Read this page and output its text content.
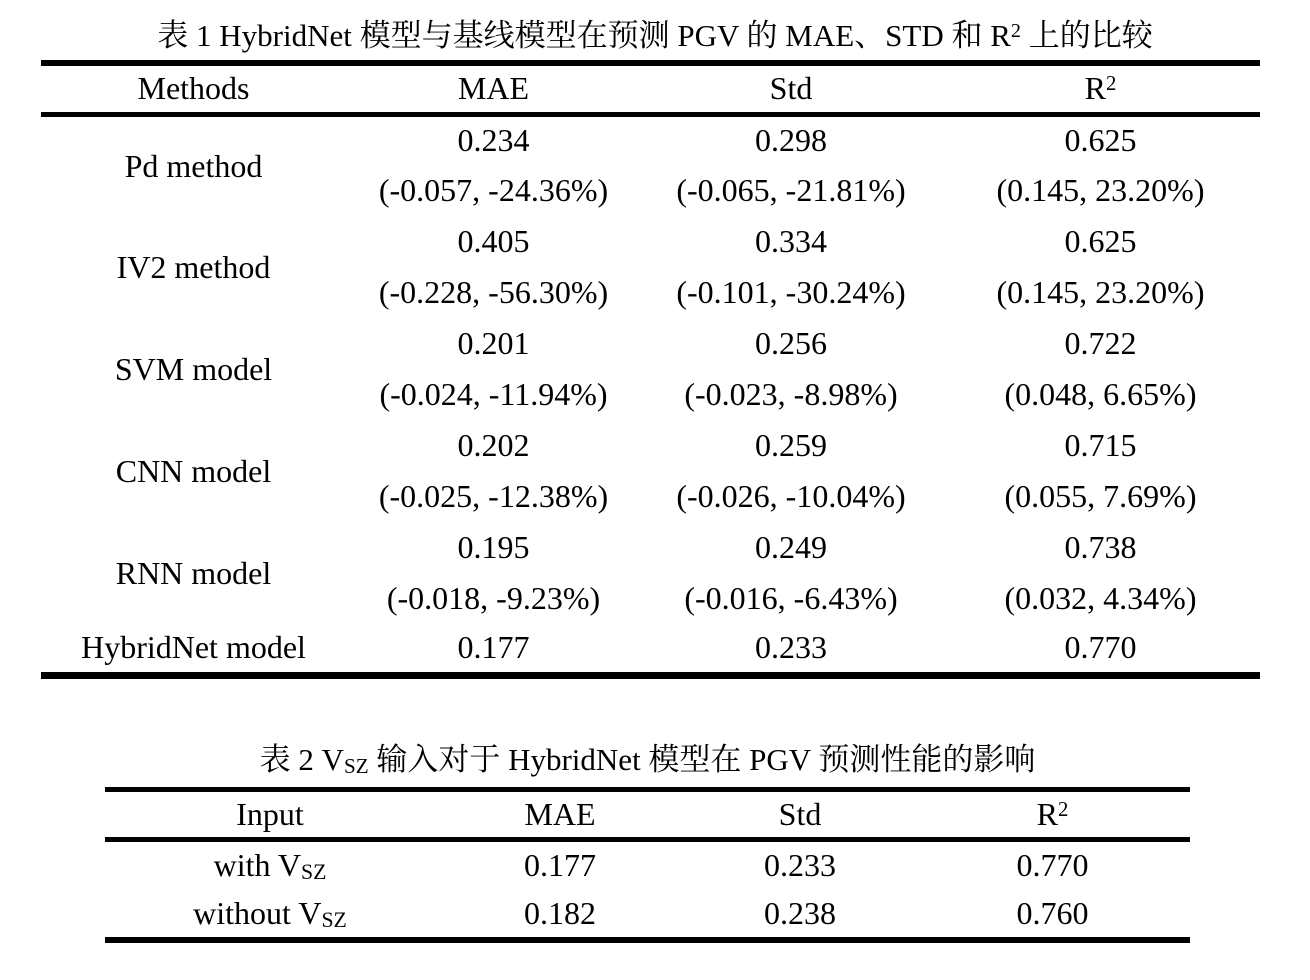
表 1 HybridNet 模型与基线模型在预测 PGV 的 MAE、STD 和 $R^2$ 上的比较
Methods	MAE	Std	$R^2$
Pd method	0.234	0.298	0.625
	(-0.057, -24.36%)	(-0.065, -21.81%)	(0.145, 23.20%)
IV2 method	0.405	0.334	0.625
	(-0.228, -56.30%)	(-0.101, -30.24%)	(0.145, 23.20%)
SVM model	0.201	0.256	0.722
	(-0.024, -11.94%)	(-0.023, -8.98%)	(0.048, 6.65%)
CNN model	0.202	0.259	0.715
	(-0.025, -12.38%)	(-0.026, -10.04%)	(0.055, 7.69%)
RNN model	0.195	0.249	0.738
	(-0.018, -9.23%)	(-0.016, -6.43%)	(0.032, 4.34%)
HybridNet model	0.177	0.233	0.770
表 2 VSZ 输入对于 HybridNet 模型在 PGV 预测性能的影响
Input	MAE	Std	$R^2$
with VSZ	0.177	0.233	0.770
without VSZ	0.182	0.238	0.760
